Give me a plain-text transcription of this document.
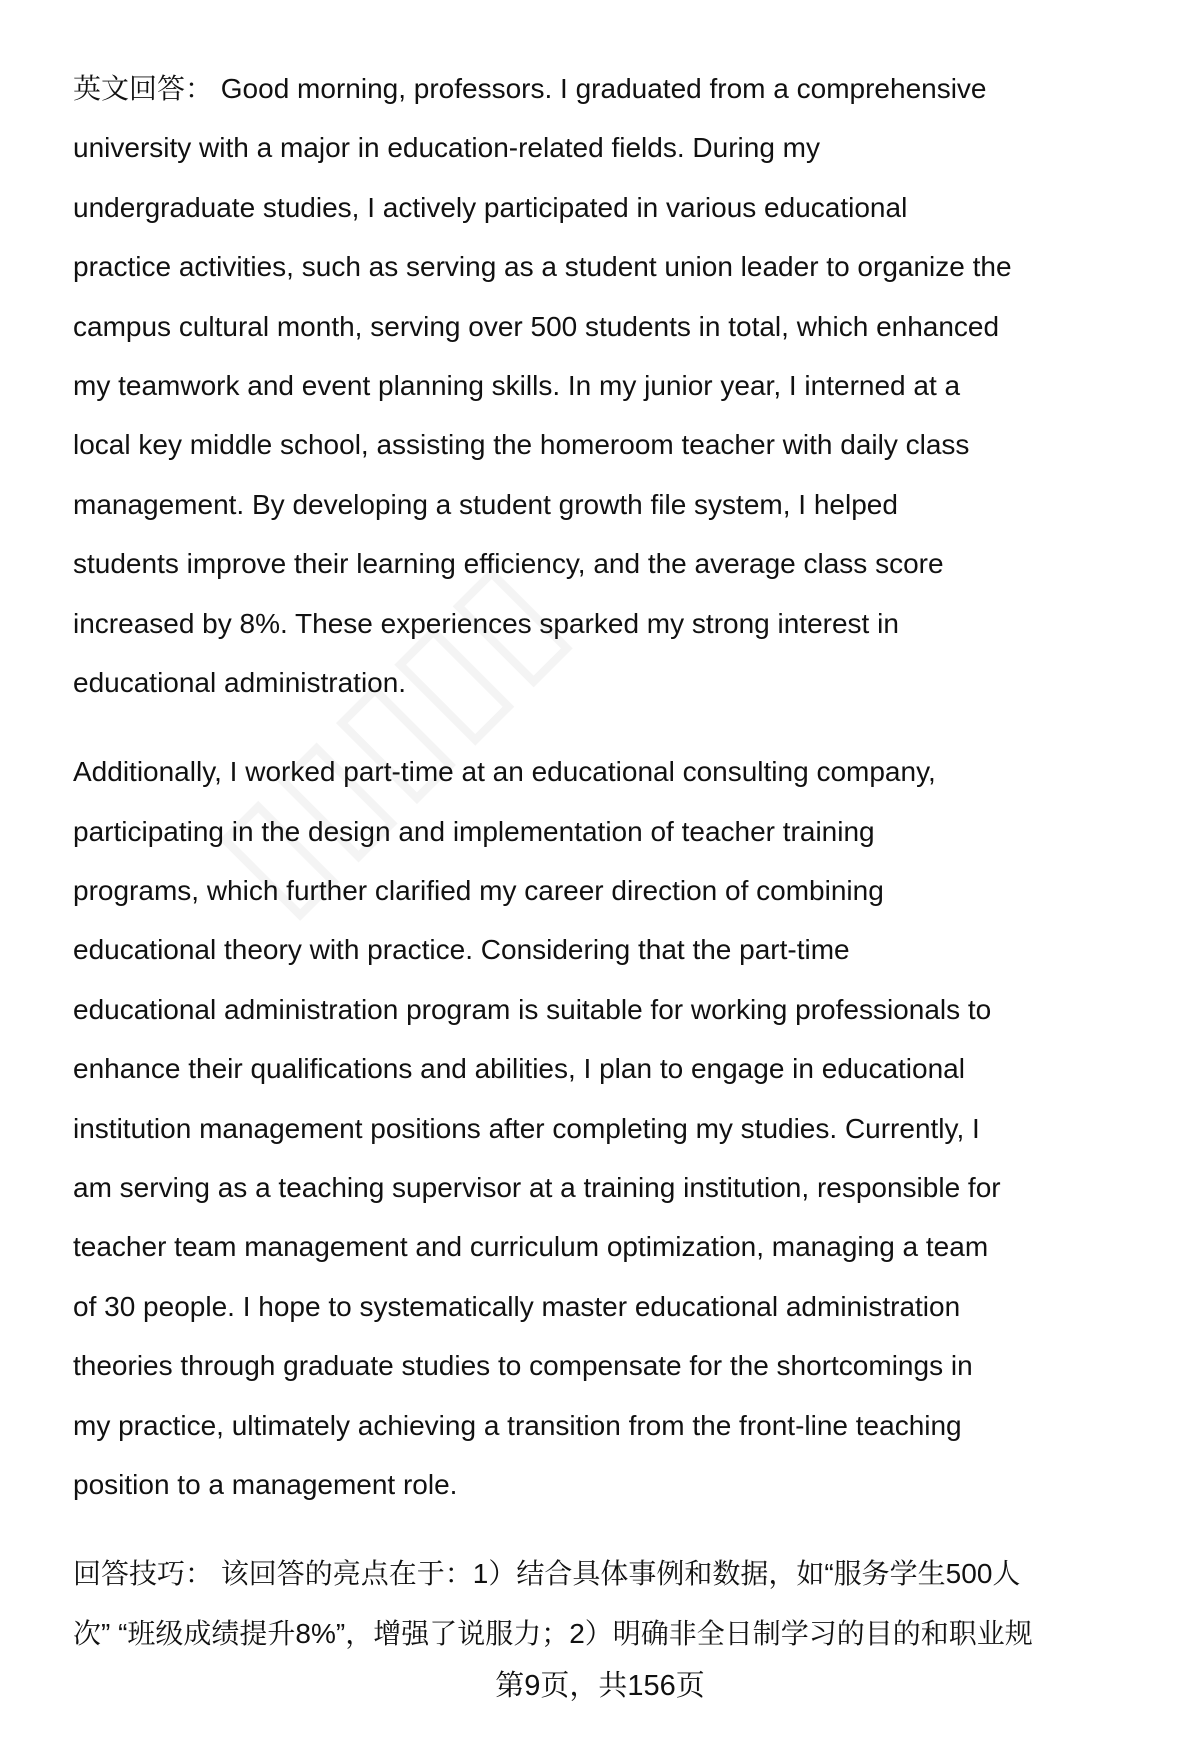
英文回答： Good morning, professors. I graduated from a comprehensive
university with a major in education-related fields. During my
undergraduate studies, I actively participated in various educational
practice activities, such as serving as a student union leader to organize the
campus cultural month, serving over 500 students in total, which enhanced
my teamwork and event planning skills. In my junior year, I interned at a
local key middle school, assisting the homeroom teacher with daily class
management. By developing a student growth file system, I helped
students improve their learning efficiency, and the average class score
increased by 8%. These experiences sparked my strong interest in
educational administration.
Additionally, I worked part-time at an educational consulting company,
participating in the design and implementation of teacher training
programs, which further clarified my career direction of combining
educational theory with practice. Considering that the part-time
educational administration program is suitable for working professionals to
enhance their qualifications and abilities, I plan to engage in educational
institution management positions after completing my studies. Currently, I
am serving as a teaching supervisor at a training institution, responsible for
teacher team management and curriculum optimization, managing a team
of 30 people. I hope to systematically master educational administration
theories through graduate studies to compensate for the shortcomings in
my practice, ultimately achieving a transition from the front-line teaching
position to a management role.
回答技巧： 该回答的亮点在于：1）结合具体事例和数据，如“服务学生500人
次” “班级成绩提升8%”，增强了说服力；2）明确非全日制学习的目的和职业规
第9页，共156页
